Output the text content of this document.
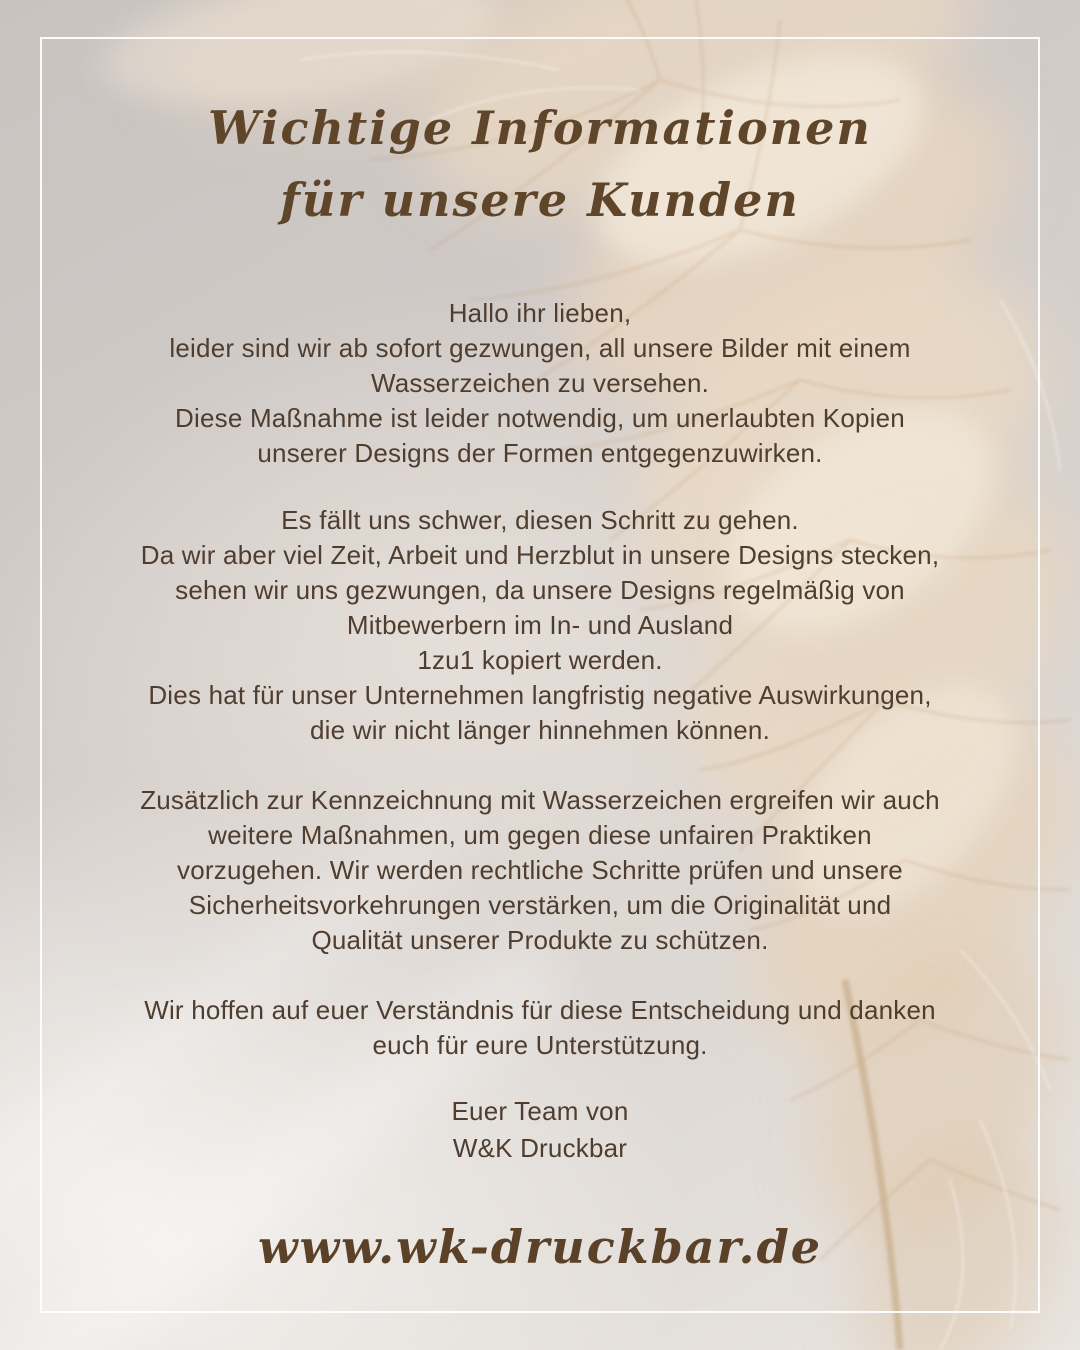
Wichtige Informationen
für unsere Kunden
Hallo ihr lieben,
leider sind wir ab sofort gezwungen, all unsere Bilder mit einem
Wasserzeichen zu versehen.
Diese Maßnahme ist leider notwendig, um unerlaubten Kopien
unserer Designs der Formen entgegenzuwirken.
Es fällt uns schwer, diesen Schritt zu gehen.
Da wir aber viel Zeit, Arbeit und Herzblut in unsere Designs stecken,
sehen wir uns gezwungen, da unsere Designs regelmäßig von
Mitbewerbern im In- und Ausland
1zu1 kopiert werden.
Dies hat für unser Unternehmen langfristig negative Auswirkungen,
die wir nicht länger hinnehmen können.
Zusätzlich zur Kennzeichnung mit Wasserzeichen ergreifen wir auch
weitere Maßnahmen, um gegen diese unfairen Praktiken
vorzugehen. Wir werden rechtliche Schritte prüfen und unsere
Sicherheitsvorkehrungen verstärken, um die Originalität und
Qualität unserer Produkte zu schützen.
Wir hoffen auf euer Verständnis für diese Entscheidung und danken
euch für eure Unterstützung.
Euer Team von
W&K Druckbar
www.wk-druckbar.de
